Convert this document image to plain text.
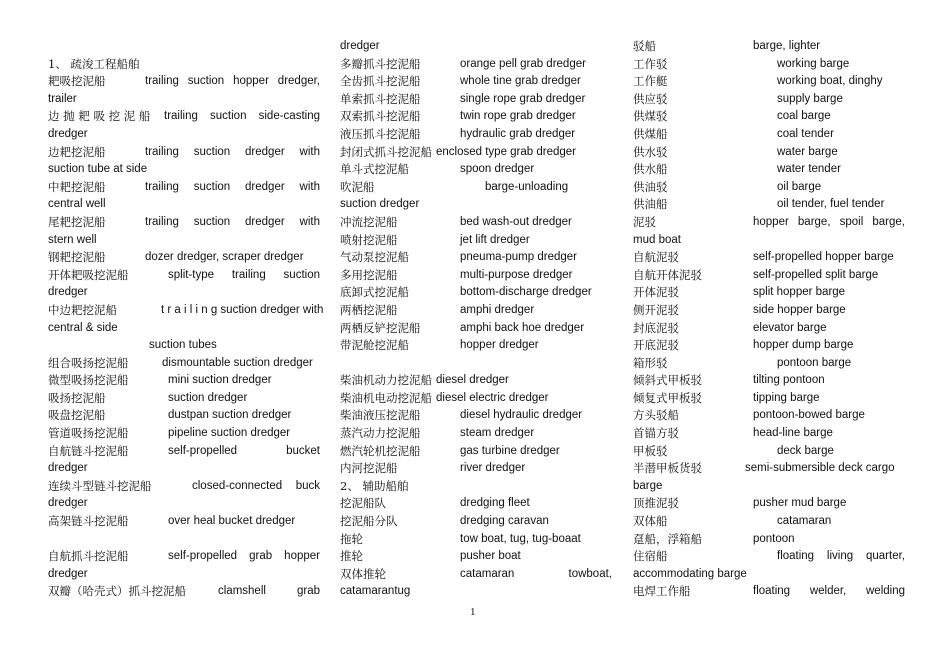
1、 疏浚工程船舶
耙吸挖泥船	trailing suction hopper dredger,
trailer
边 抛 耙 吸 挖 泥 船 trailing suction side-casting
dredger
边耙挖泥船	trailing suction dredger with
suction tube at side
中耙挖泥船	trailing suction dredger with
central well
尾耙挖泥船	trailing suction dredger with
stern well
钢耙挖泥船	dozer dredger, scraper dredger
开体耙吸挖泥船	split-type trailing suction
dredger
中边耙挖泥船	t r a i l i n g suction dredger with
central & side
suction tubes
组合吸扬挖泥船	dismountable suction dredger
微型吸扬挖泥船	mini suction dredger
吸扬挖泥船	suction dredger
吸盘挖泥船	dustpan suction dredger
管道吸扬挖泥船	pipeline suction dredger
自航链斗挖泥船	self-propelled bucket
dredger
连续斗型链斗挖泥船	closed-connected buck
dredger
高架链斗挖泥船	over heal bucket dredger
自航抓斗挖泥船	self-propelled grab hopper
dredger
双瓣（哈壳式）抓斗挖泥船	clamshell grab
dredger
多瓣抓斗挖泥船	orange pell grab dredger
全齿抓斗挖泥船	whole tine grab dredger
单索抓斗挖泥船	single rope grab dredger
双索抓斗挖泥船	twin rope grab dredger
液压抓斗挖泥船	hydraulic grab dredger
封闭式抓斗挖泥船 enclosed type grab dredger
单斗式挖泥船	spoon dredger
吹泥船	barge-unloading
suction dredger
冲流挖泥船	bed wash-out dredger
喷射挖泥船	jet lift dredger
气动泵挖泥船	pneuma-pump dredger
多用挖泥船	multi-purpose dredger
底卸式挖泥船	bottom-discharge dredger
两栖挖泥船	amphi dredger
两栖反铲挖泥船	amphi back hoe dredger
带泥舱挖泥船	hopper dredger
柴油机动力挖泥船 diesel dredger
柴油机电动挖泥船 diesel electric dredger
柴油液压挖泥船	diesel hydraulic dredger
蒸汽动力挖泥船	steam dredger
燃汽轮机挖泥船	gas turbine dredger
内河挖泥船	river dredger
2、 辅助船舶
挖泥船队	dredging fleet
挖泥船分队	dredging caravan
拖轮	tow boat, tug, tug-boaat
推轮	pusher boat
双体推轮	catamaran towboat,
catamarantug
驳船	barge, lighter
工作驳	working barge
工作艇	working boat, dinghy
供应驳	supply barge
供煤驳	coal barge
供煤船	coal tender
供水驳	water barge
供水船	water tender
供油驳	oil barge
供油船	oil tender, fuel tender
泥驳	hopper barge, spoil barge,
mud boat
自航泥驳	self-propelled hopper barge
自航开体泥驳	self-propelled split barge
开体泥驳	split hopper barge
侧开泥驳	side hopper barge
封底泥驳	elevator barge
开底泥驳	hopper dump barge
箱形驳	pontoon barge
倾斜式甲板驳	tilting pontoon
倾复式甲板驳	tipping barge
方头驳船	pontoon-bowed barge
首锚方驳	head-line barge
甲板驳	deck barge
半潜甲板货驳	semi-submersible deck cargo
barge
顶推泥驳	pusher mud barge
双体船	catamaran
趸船，浮箱船	pontoon
住宿船	floating living quarter,
accommodating barge
电焊工作船	floating welder, welding
1
